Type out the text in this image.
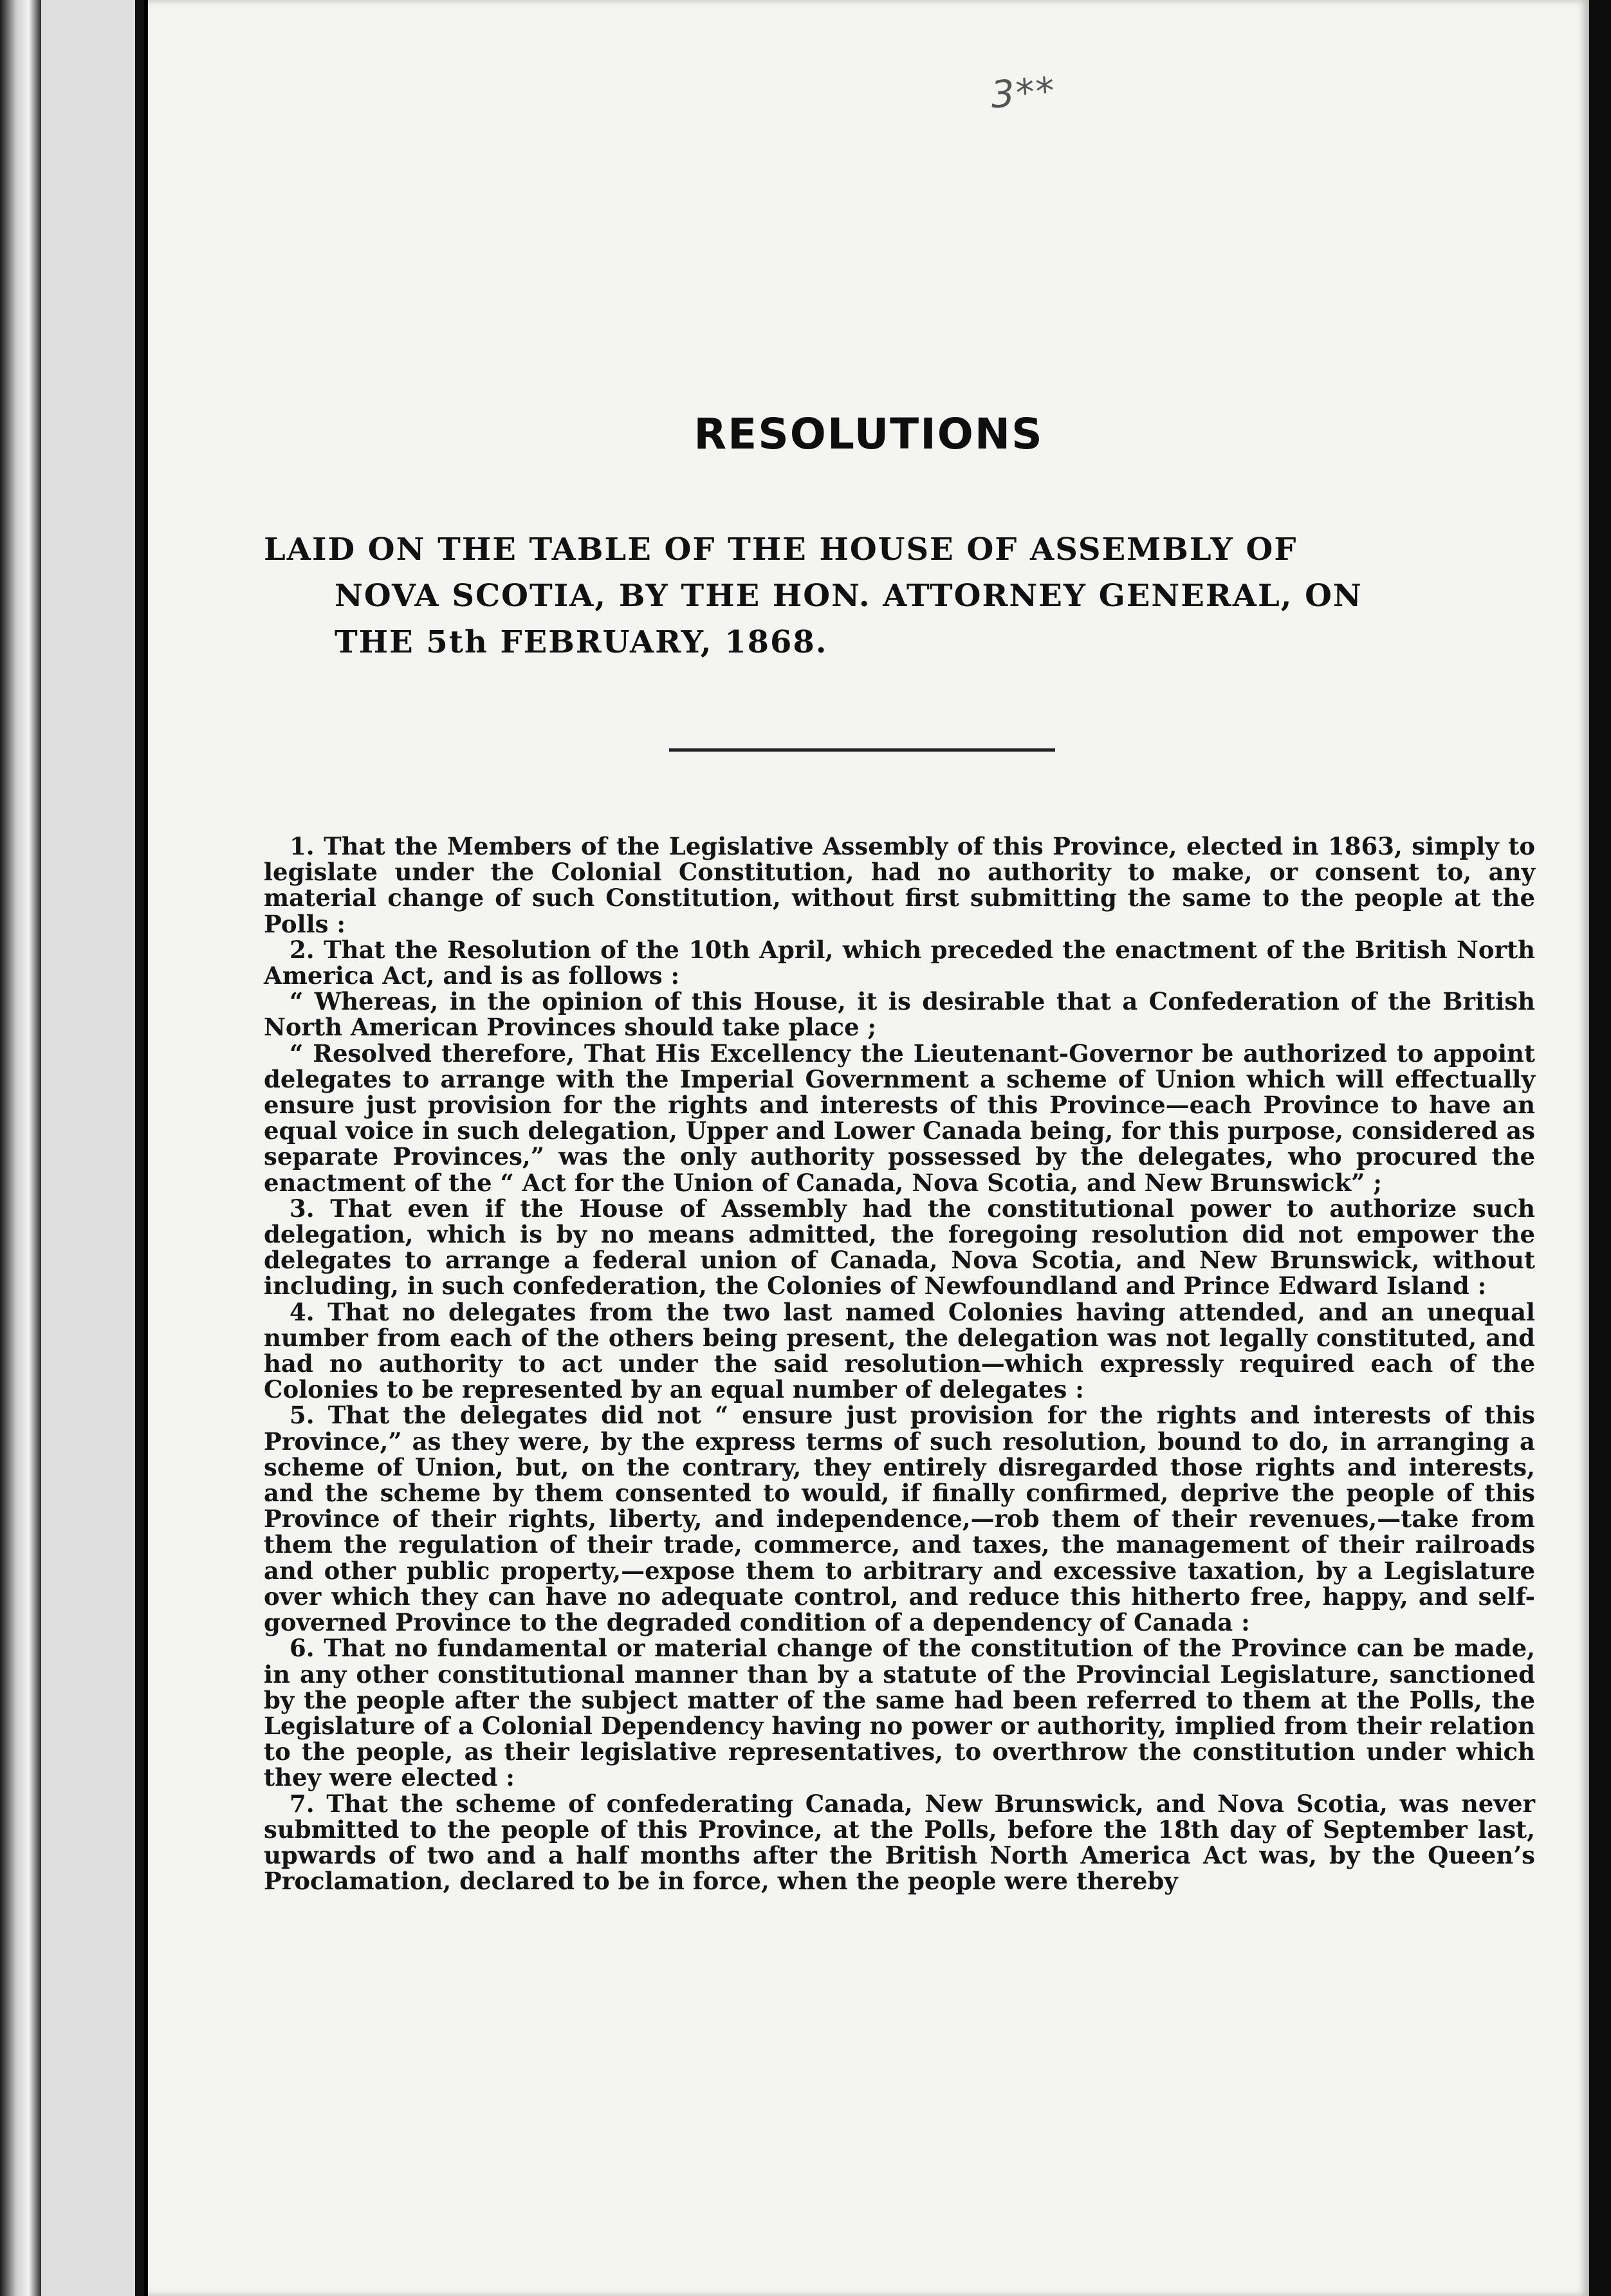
3**
RESOLUTIONS
LAID ON THE TABLE OF THE HOUSE OF ASSEMBLY OF
NOVA SCOTIA, BY THE HON. ATTORNEY GENERAL, ON
THE 5th FEBRUARY, 1868.

1. That the Members of the Legislative Assembly of this Province, elected in 1863, simply to legislate under the Colonial Constitution, had no authority to make, or consent to, any material change of such Constitution, without first submitting the same to the people at the Polls :

2. That the Resolution of the 10th April, which preceded the enactment of the British North America Act, and is as follows :

“ Whereas, in the opinion of this House, it is desirable that a Confederation of the British North American Provinces should take place ;

“ Resolved therefore, That His Excellency the Lieutenant-Governor be authorized to appoint delegates to arrange with the Imperial Government a scheme of Union which will effectually ensure just provision for the rights and interests of this Province—each Province to have an equal voice in such delegation, Upper and Lower Canada being, for this purpose, considered as separate Provinces,” was the only authority possessed by the delegates, who procured the enactment of the “ Act for the Union of Canada, Nova Scotia, and New Brunswick” ;

3. That even if the House of Assembly had the constitutional power to authorize such delegation, which is by no means admitted, the foregoing resolution did not empower the delegates to arrange a federal union of Canada, Nova Scotia, and New Brunswick, without including, in such confederation, the Colonies of Newfoundland and Prince Edward Island :

4. That no delegates from the two last named Colonies having attended, and an unequal number from each of the others being present, the delegation was not legally constituted, and had no authority to act under the said resolution—which expressly required each of the Colonies to be represented by an equal number of delegates :

5. That the delegates did not “ ensure just provision for the rights and interests of this Province,” as they were, by the express terms of such resolution, bound to do, in arranging a scheme of Union, but, on the contrary, they entirely disregarded those rights and interests, and the scheme by them consented to would, if finally confirmed, deprive the people of this Province of their rights, liberty, and independence,—rob them of their revenues,—take from them the regulation of their trade, commerce, and taxes, the management of their railroads and other public property,—expose them to arbitrary and excessive taxation, by a Legislature over which they can have no adequate control, and reduce this hitherto free, happy, and self-governed Province to the degraded condition of a dependency of Canada :

6. That no fundamental or material change of the constitution of the Province can be made, in any other constitutional manner than by a statute of the Provincial Legislature, sanctioned by the people after the subject matter of the same had been referred to them at the Polls, the Legislature of a Colonial Dependency having no power or authority, implied from their relation to the people, as their legislative representatives, to overthrow the constitution under which they were elected :

7. That the scheme of confederating Canada, New Brunswick, and Nova Scotia, was never submitted to the people of this Province, at the Polls, before the 18th day of September last, upwards of two and a half months after the British North America Act was, by the Queen’s Proclamation, declared to be in force, when the people were thereby
